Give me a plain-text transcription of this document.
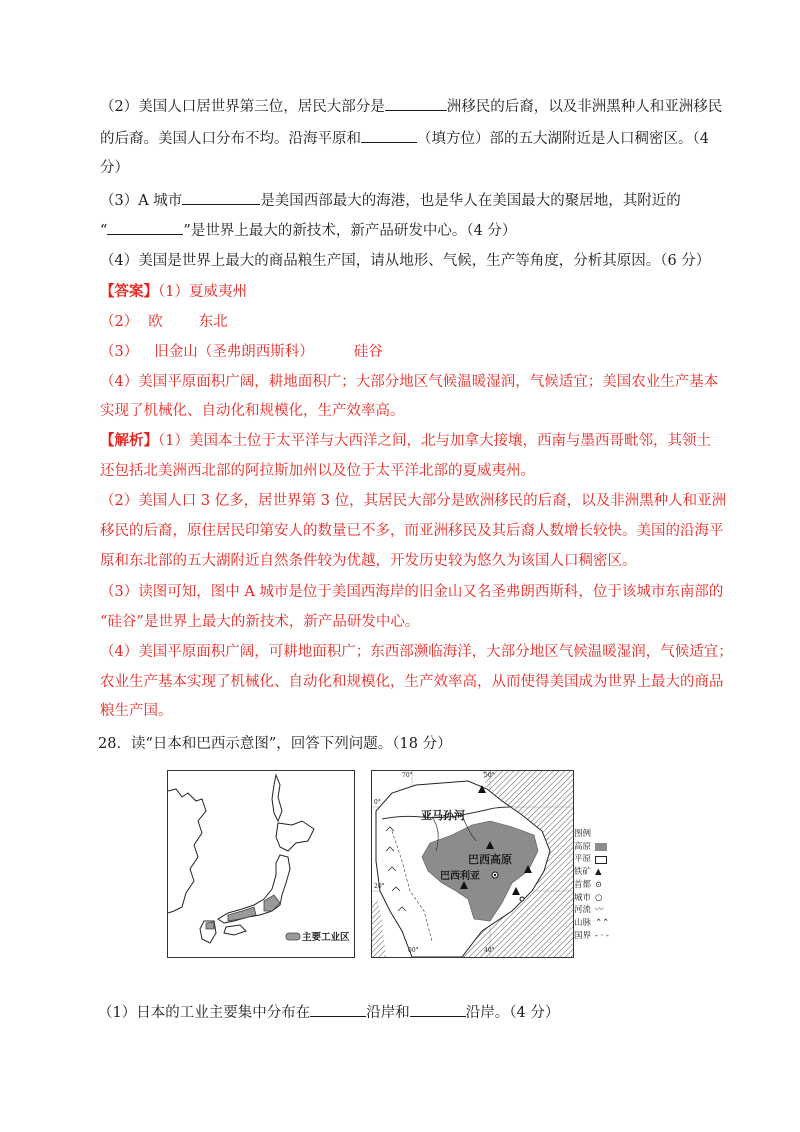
（2）美国人口居世界第三位，居民大部分是	洲移民的后裔，以及非洲黑种人和亚洲移民
的后裔。美国人口分布不均。沿海平原和	（填方位）部的五大湖附近是人口稠密区。（4
分）
（3）A 城市	是美国西部最大的海港，也是华人在美国最大的聚居地，其附近的
“	”是世界上最大的新技术，新产品研发中心。（4 分）
（4）美国是世界上最大的商品粮生产国，请从地形、气候，生产等角度，分析其原因。（6 分）
【答案】（1）夏威夷州
（2） 欧 东北
（3） 旧金山（圣弗朗西斯科）	硅谷
（4）美国平原面积广阔，耕地面积广；大部分地区气候温暖湿润，气候适宜；美国农业生产基本
实现了机械化、自动化和规模化，生产效率高。
【解析】（1）美国本土位于太平洋与大西洋之间，北与加拿大接壤，西南与墨西哥毗邻，其领土
还包括北美洲西北部的阿拉斯加州以及位于太平洋北部的夏威夷州。
（2）美国人口 3 亿多，居世界第 3 位，其居民大部分是欧洲移民的后裔，以及非洲黑种人和亚洲
移民的后裔，原住居民印第安人的数量已不多，而亚洲移民及其后裔人数增长较快。美国的沿海平
原和东北部的五大湖附近自然条件较为优越，开发历史较为悠久为该国人口稠密区。
（3）读图可知，图中 A 城市是位于美国西海岸的旧金山又名圣弗朗西斯科，位于该城市东南部的
“硅谷”是世界上最大的新技术，新产品研发中心。
（4）美国平原面积广阔，可耕地面积广；东西部濒临海洋，大部分地区气候温暖湿润，气候适宜；
农业生产基本实现了机械化、自动化和规模化，生产效率高，从而使得美国成为世界上最大的商品
粮生产国。
28．读“日本和巴西示意图”，回答下列问题。（18 分）
主要工业区
亚马孙河
巴西高原
巴西利亚
70°	50°
0°
20°
60°	40°
图例
高原
平原
铁矿 ▲
首都 ⊙
城市 ○
河流 〰
山脉 ⌃⌃
国界 - · -
（1）日本的工业主要集中分布在	沿岸和	沿岸。（4 分）
